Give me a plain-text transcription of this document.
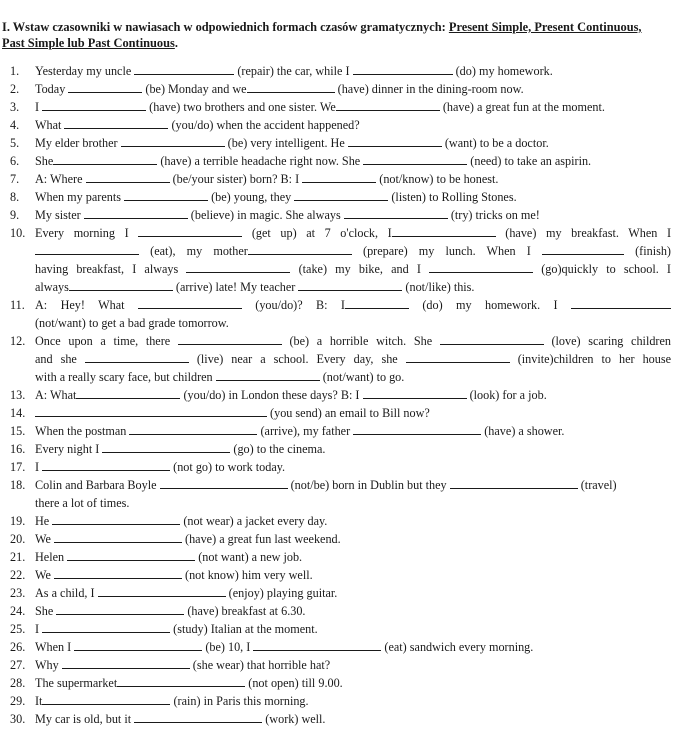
I. Wstaw czasowniki w nawiasach w odpowiednich formach czasów gramatycznych: Present Simple, Present Continuous,
Past Simple lub Past Continuous.
1. Yesterday my uncle	(repair) the car, while I	(do) my homework.
2. Today	(be) Monday and we	(have) dinner in the dining-room now.
3. I	(have) two brothers and one sister. We	(have) a great fun at the moment.
4. What	(you/do) when the accident happened?
5. My elder brother	(be) very intelligent. He	(want) to be a doctor.
6. She	(have) a terrible headache right now. She	(need) to take an aspirin.
7. A: Where	(be/your sister) born? B: I	(not/know) to be honest.
8. When my parents	(be) young, they	(listen) to Rolling Stones.
9. My sister	(believe) in magic. She always	(try) tricks on me!
10. Every morning I	(get up) at 7 o'clock, I	(have) my breakfast. When I
(eat), my mother	(prepare) my lunch. When I	(finish)
having breakfast, I always	(take) my bike, and I	(go)quickly to school. I
always	(arrive) late! My teacher	(not/like) this.
11. A: Hey! What	(you/do)? B: I	(do) my homework. I
(not/want) to get a bad grade tomorrow.
12. Once upon a time, there	(be) a horrible witch. She	(love) scaring children
and she	(live) near a school. Every day, she	(invite)children to her house
with a really scary face, but children	(not/want) to go.
13. A: What	(you/do) in London these days? B: I	(look) for a job.
14.	(you send) an email to Bill now?
15. When the postman	(arrive), my father	(have) a shower.
16. Every night I	(go) to the cinema.
17. I	(not go) to work today.
18. Colin and Barbara Boyle	(not/be) born in Dublin but they	(travel)
there a lot of times.
19. He	(not wear) a jacket every day.
20. We	(have) a great fun last weekend.
21. Helen	(not want) a new job.
22. We	(not know) him very well.
23. As a child, I	(enjoy) playing guitar.
24. She	(have) breakfast at 6.30.
25. I	(study) Italian at the moment.
26. When I	(be) 10, I	(eat) sandwich every morning.
27. Why	(she wear) that horrible hat?
28. The supermarket	(not open) till 9.00.
29. It	(rain) in Paris this morning.
30. My car is old, but it	(work) well.
